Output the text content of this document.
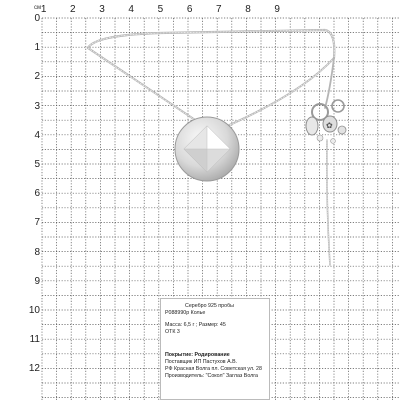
✿
см 1 2 3 4 5 6 7 8 9
0
1
2
3
4
5
6
7
8
9
10
11
12
Серебро 925 пробы
P088990p Колье
Масса: 6,5 г ; Размер: 45
ОТК 3
Покрытие: Родирование
Поставщик ИП Пастухов А.В.
РФ Красная Волга пл. Советская ул. 28
Производитель: "Сокол" Заглаз Волга
